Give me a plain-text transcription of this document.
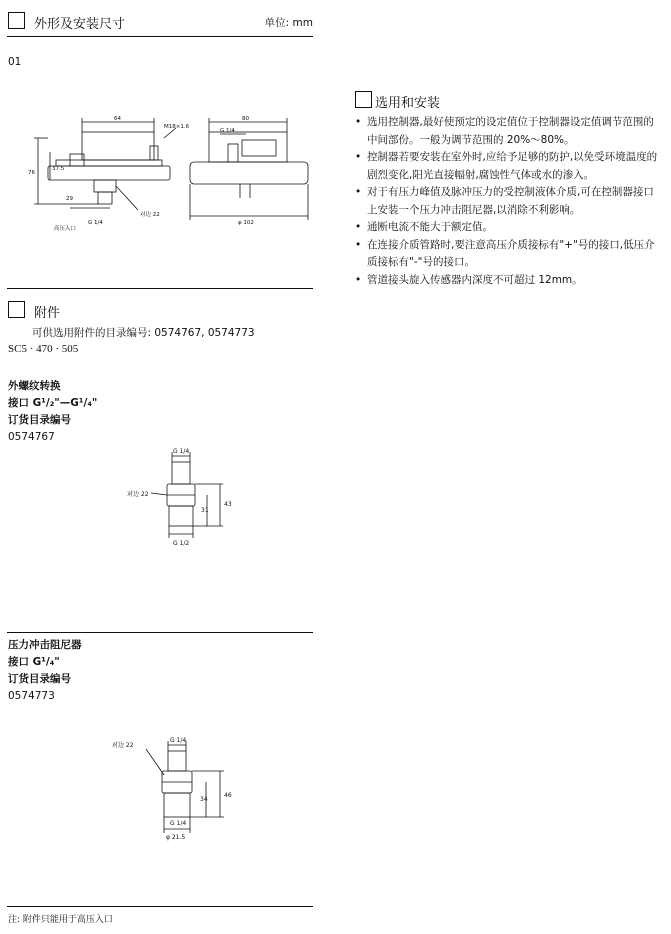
外形及安装尺寸	单位: mm
01
64
M18×1.6
76
37.5
29
对边 22
G 1/4
高压入口
80
G 1/4
φ 102
选用和安装
• 选用控制器,最好使预定的设定值位于控制器设定值调节范围的中间部份。一般为调节范围的 20%～80%。
• 控制器若要安装在室外时,应给予足够的防护,以免受环境温度的剧烈变化,阳光直接幅射,腐蚀性气体或水的渗入。
• 对于有压力峰值及脉冲压力的受控制液体介质,可在控制器接口上安装一个压力冲击阻尼器,以消除不利影响。
• 通断电流不能大于额定值。
• 在连接介质管路时,要注意高压介质接标有"+"号的接口,低压介质接标有"-"号的接口。
• 管道接头旋入传感器内深度不可超过 12mm。
附件
可供选用附件的目录编号: 0574767, 0574773
SC5 · 470 · 505
外螺纹转换
接口 G¹/₂"—G¹/₄"
订货目录编号
0574767
G 1/4
对边 22
31
43
G 1/2
压力冲击阻尼器
接口 G¹/₄"
订货目录编号
0574773
对边 22
G 1/4
34
46
G 1/4
φ 21.5
注: 附件只能用于高压入口
